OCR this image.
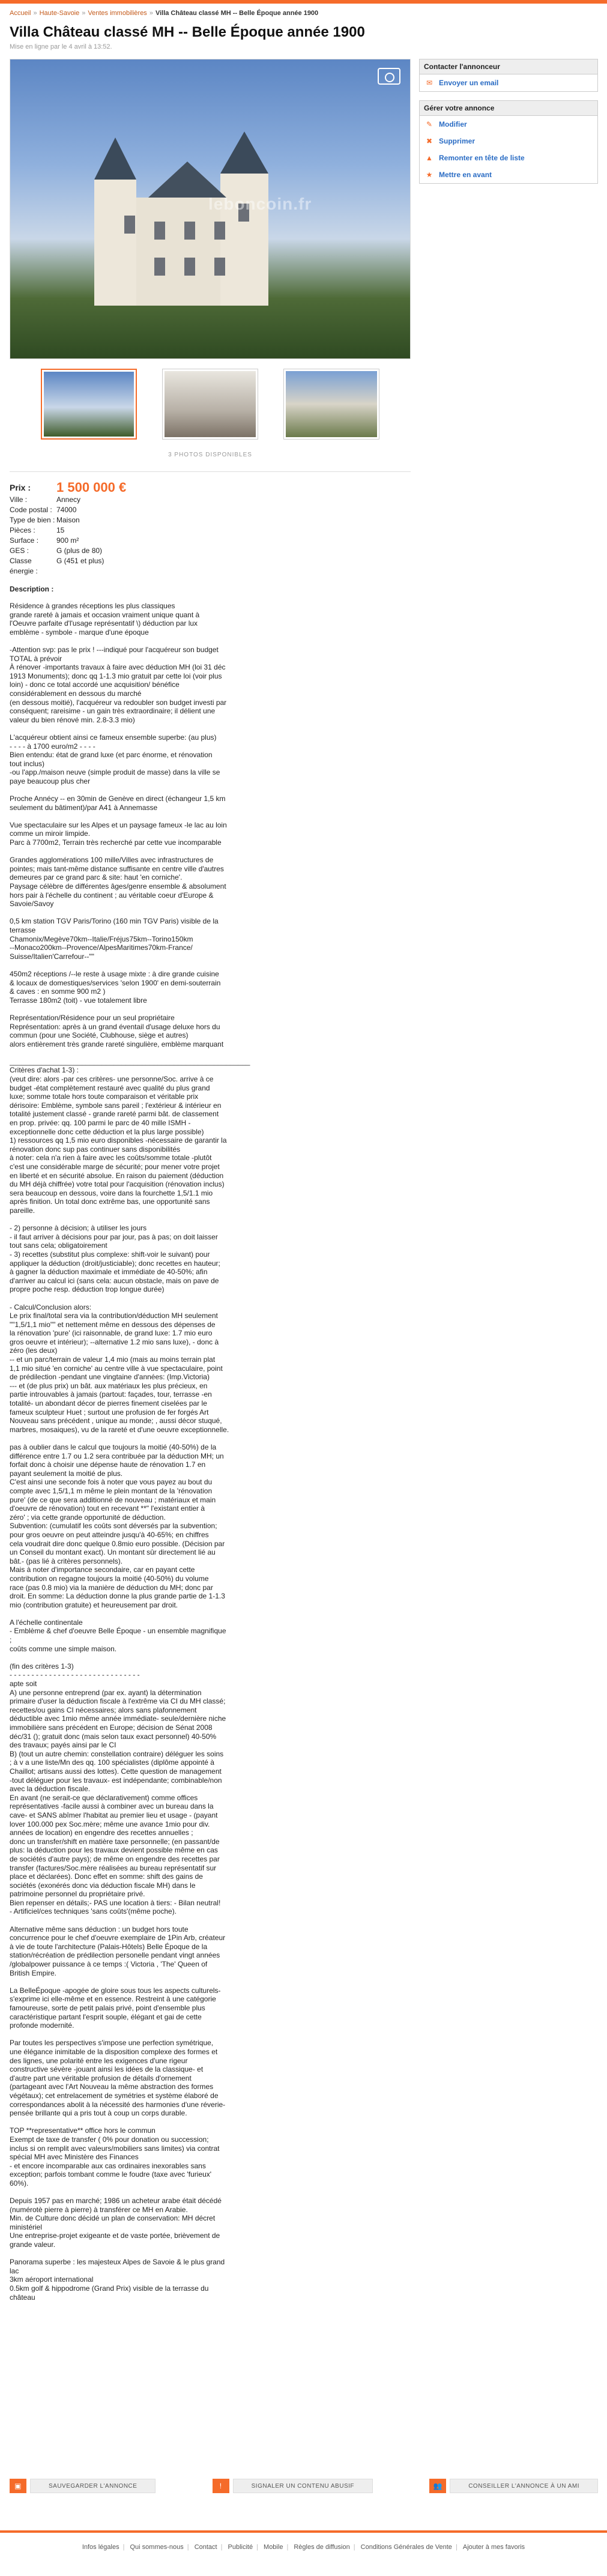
Accueil » Haute-Savoie » Ventes immobilières » Villa Château classé MH -- Belle Époque année 1900
Villa Château classé MH -- Belle Époque année 1900
Mise en ligne par le 4 avril à 13:52.
leboncoin.fr
3 PHOTOS DISPONIBLES
Prix :	1 500 000 €
Ville :	Annecy
Code postal : 74000
Type de bien : Maison
Pièces :	15
Surface :	900 m²
GES :	G (plus de 80)
Classe énergie :
G (451 et plus)
Description :
Résidence à grandes réceptions les plus classiques
grande rareté à jamais et occasion vraiment unique quant à
l'Oeuvre parfaite d'l'usage représentatif \) déduction par lux
emblème - symbole - marque d'une époque

-Attention svp: pas le prix ! ---indiqué pour l'acquéreur son budget
TOTAL à prévoir
À rénover -importants travaux à faire avec déduction MH (loi 31 déc
1913 Monuments); donc qq 1-1.3 mio gratuit par cette loi (voir plus
loin) - donc ce total accordé une acquisition/ bénéfice
considérablement en dessous du marché
(en dessous moitié), l'acquéreur va redoubler son budget investi par
conséquent; rareisime - un gain très extraordinaire; il délient une
valeur du bien rénové min. 2.8-3.3 mio)

L'acquéreur obtient ainsi ce fameux ensemble superbe: (au plus)
- - - - à 1700 euro/m2 - - - -
Bien entendu: état de grand luxe (et parc énorme, et rénovation
tout inclus)
-ou l'app./maison neuve (simple produit de masse) dans la ville se
paye beaucoup plus cher

Proche Annécy -- en 30min de Genève en direct (échangeur 1,5 km
seulement du bâtiment)/par A41 à Annemasse

Vue spectaculaire sur les Alpes et un paysage fameux -le lac au loin
comme un miroir limpide.
Parc à 7700m2, Terrain très recherché par cette vue incomparable

Grandes agglomérations 100 mille/Villes avec infrastructures de
pointes; mais tant-même distance suffisante en centre ville d'autres
demeures par ce grand parc & site: haut 'en corniche'.
Paysage célèbre de différentes âges/genre ensemble & absolument
hors pair à l'échelle du continent ; au véritable coeur d'Europe &
Savoie/Savoy

0,5 km station TGV Paris/Torino (160 min TGV Paris) visible de la
terrasse
Chamonix/Megève70km--Italie/Fréjus75km--Torino150km
--Monaco200km--Provence/AlpesMaritimes70km-France/
Suisse/Italien'Carrefour--""

450m2 réceptions /--le reste à usage mixte : à dire grande cuisine
& locaux de domestiques/services 'selon 1900' en demi-souterrain
& caves : en somme 900 m2 )
Terrasse 180m2 (toit) - vue totalement libre

Représentation/Résidence pour un seul propriétaire
Représentation: après à un grand éventail d'usage deluxe hors du
commun (pour une Société, Clubhouse, siège et autres)
alors entièrement très grande rareté singulière, emblème marquant

____________________________________________________________
Critères d'achat 1-3) :
(veut dire: alors -par ces critères- une personne/Soc. arrive à ce
budget -état complètement restauré avec qualité du plus grand
luxe; somme totale hors toute comparaison et véritable prix
dérisoire: Emblème, symbole sans pareil ; l'extérieur & intérieur en
totalité justement classé - grande rareté parmi bât. de classement
en prop. privée: qq. 100 parmi le parc de 40 mille ISMH -
exceptionnelle donc cette déduction et la plus large possible)
1) ressources qq 1,5 mio euro disponibles -nécessaire de garantir la
rénovation donc sup pas continuer sans disponibilités
à noter: cela n'a rien à faire avec les coûts/somme totale -plutôt
c'est une considérable marge de sécurité; pour mener votre projet
en liberté et en sécurité absolue. En raison du paiement (déduction
du MH déjà chiffrée) votre total pour l'acquisition (rénovation inclus)
sera beaucoup en dessous, voire dans la fourchette 1,5/1.1 mio
après finition. Un total donc extrême bas, une opportunité sans
pareille.

- 2) personne à décision; à utiliser les jours
- il faut arriver à décisions pour par jour, pas à pas; on doit laisser
tout sans cela; obligatoirement
- 3) recettes (substitut plus complexe: shift-voir le suivant) pour
appliquer la déduction (droit/justiciable); donc recettes en hauteur;
à gagner la déduction maximale et immédiate de 40-50%; afin
d'arriver au calcul ici (sans cela: aucun obstacle, mais on pave de
propre poche resp. déduction trop longue durée)

- Calcul/Conclusion alors:
Le prix final/total sera via la contribution/déduction MH seulement
""1,5/1,1 mio"" et nettement même en dessous des dépenses de
la rénovation 'pure' (ici raisonnable, de grand luxe: 1.7 mio euro
gros oeuvre et intérieur); --alternative 1.2 mio sans luxe), - donc à
zéro (les deux)
-- et un parc/terrain de valeur 1,4 mio (mais au moins terrain plat
1,1 mio situé 'en corniche' au centre ville à vue spectaculaire, point
de prédilection -pendant une vingtaine d'années: (Imp.Victoria)
--- et (de plus prix) un bât. aux matériaux les plus précieux, en
partie introuvables à jamais (partout: façades, tour, terrasse -en
totalité- un abondant décor de pierres finement ciselées par le
fameux sculpteur Huet ; surtout une profusion de fer forgés Art
Nouveau sans précédent , unique au monde; , aussi décor stuqué,
marbres, mosaiques), vu de la rareté et d'une oeuvre exceptionnelle.

pas à oublier dans le calcul que toujours la moitié (40-50%) de la
différence entre 1.7 ou 1.2 sera contribuée par la déduction MH; un
forfait donc à choisir une dépense haute de rénovation 1.7 en
payant seulement la moitié de plus.
C'est ainsi une seconde fois à noter que vous payez au bout du
compte avec 1,5/1,1 m même le plein montant de la 'rénovation
pure' (de ce que sera additionné de nouveau ; matériaux et main
d'oeuvre de rénovation) tout en recevant **" l'existant entier à
zéro' ; via cette grande opportunité de déduction.
Subvention: (cumulatif les coûts sont déversés par la subvention;
pour gros oeuvre on peut atteindre jusqu'à 40-65%; en chiffres
cela voudrait dire donc quelque 0.8mio euro possible. (Décision par
un Conseil du montant exact). Un montant sûr directement lié au
bât.- (pas lié à critères personnels).
Mais à noter d'importance secondaire, car en payant cette
contribution on regagne toujours la moitié (40-50%) du volume
race (pas 0.8 mio) via la manière de déduction du MH; donc par
droit. En somme: La déduction donne la plus grande partie de 1-1.3
mio (contribution gratuite) et heureusement par droit.

A l'échelle continentale
- Emblème & chef d'oeuvre Belle Époque - un ensemble magnifique
;
coûts comme une simple maison.

(fin des critères 1-3)
- - - - - - - - - - - - - - - - - - - - - - - - - - - - - -
apte soit
A) une personne entreprend (par ex. ayant) la détermination
primaire d'user la déduction fiscale à l'extrême via CI du MH classé;
recettes/ou gains CI nécessaires; alors sans plafonnement
déductible avec 1mio même année immédiate- seule/dernière niche
immobilière sans précédent en Europe; décision de Sénat 2008
déc/31 (); gratuit donc (mais selon taux exact personnel) 40-50%
des travaux; payés ainsi par le CI
B) (tout un autre chemin: constellation contraire) déléguer les soins
; à v a une liste/Mn des qq. 100 spécialistes (diplôme appointé à
Chaillot; artisans aussi des lottes). Cette question de management
-tout déléguer pour les travaux- est indépendante; combinable/non
avec la déduction fiscale.
En avant (ne serait-ce que déclarativement) comme offices
représentatives -facile aussi à combiner avec un bureau dans la
cave- et SANS abîmer l'habitat au premier lieu et usage - (payant
lover 100.000 pex Soc.mère; même une avance 1mio pour div.
années de location) en engendre des recettes annuelles ;
donc un transfer/shift en matière taxe personnelle; (en passant/de
plus: la déduction pour les travaux devient possible même en cas
de sociétés d'autre pays); de même on engendre des recettes par
transfer (factures/Soc.mère réalisées au bureau représentatif sur
place et déclarées). Donc effet en somme: shift des gains de
sociétés (exonérés donc via déduction fiscale MH) dans le
patrimoine personnel du propriétaire privé.
Bien repenser en détails;- PAS une location à tiers: - Bilan neutral!
- Artificiel/ces techniques 'sans coûts'(même poche).

Alternative même sans déduction : un budget hors toute
concurrence pour le chef d'oeuvre exemplaire de 1Pin Arb, créateur
à vie de toute l'architecture (Palais-Hôtels) Belle Époque de la
station/récréation de prédilection personelle pendant vingt années
/globalpower puissance à ce temps :( Victoria , 'The' Queen of
British Empire.

La BelleÉpoque -apogée de gloire sous tous les aspects culturels-
s'exprime ici elle-même et en essence. Restreint à une catégorie
famoureuse, sorte de petit palais privé, point d'ensemble plus
caractéristique partant l'esprit souple, élégant et gai de cette
profonde modernité.

Par toutes les perspectives s'impose une perfection symétrique,
une élégance inimitable de la disposition complexe des formes et
des lignes, une polarité entre les exigences d'une rigeur
constructive sévère -jouant ainsi les idées de la classique- et
d'autre part une véritable profusion de détails d'ornement
(partageant avec l'Art Nouveau la même abstraction des formes
végétaux); cet entrelacement de symétries et système élaboré de
correspondances abolit à la nécessité des harmonies d'une réverie-
pensée brillante qui a pris tout à coup un corps durable.

TOP **representative** office hors le commun
Exempt de taxe de transfer ( 0% pour donation ou succession;
inclus si on remplit avec valeurs/mobiliers sans limites) via contrat
spécial MH avec Ministère des Finances
- et encore incomparable aux cas ordinaires inexorables sans
exception; parfois tombant comme le foudre (taxe avec 'furieux'
60%).

Depuis 1957 pas en marché; 1986 un acheteur arabe était décédé
(numérotè pierre à pierre) à transférer ce MH en Arabie.
Min. de Culture donc décidé un plan de conservation: MH décret
ministériel
Une entreprise-projet exigeante et de vaste portée, brièvement de
grande valeur.

Panorama superbe : les majesteux Alpes de Savoie & le plus grand
lac
3km aéroport international
0.5km golf & hippodrome (Grand Prix) visible de la terrasse du
château
Contacter l'annonceur
✉ Envoyer un email
Gérer votre annonce
✎ Modifier
✖ Supprimer
▲ Remonter en tête de liste
★ Mettre en avant
▣	SAUVEGARDER L'ANNONCE	!	SIGNALER UN CONTENU ABUSIF	👥	CONSEILLER L'ANNONCE À UN AMI
Infos légales | Qui sommes-nous | Contact | Publicité | Mobile | Règles de diffusion | Conditions Générales de Vente | Ajouter à mes favoris
